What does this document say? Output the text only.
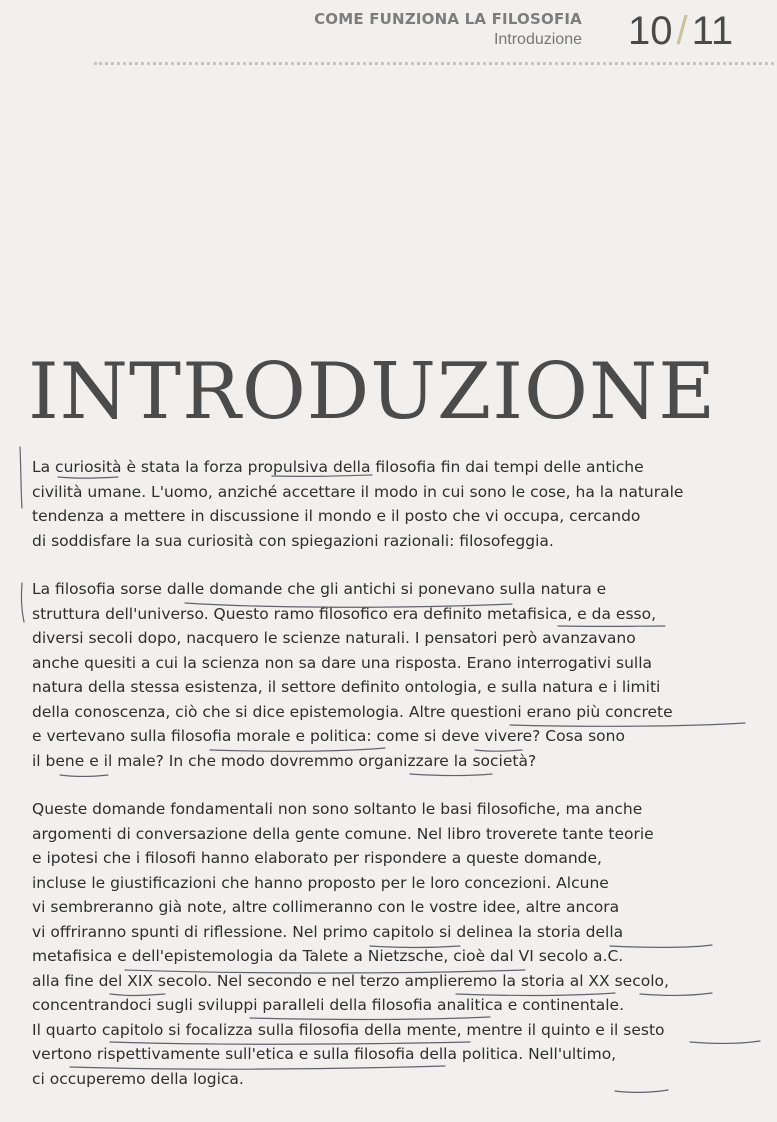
COME FUNZIONA LA FILOSOFIA
Introduzione 10 / 11
INTRODUZIONE

La curiosità è stata la forza propulsiva della filosofia fin dai tempi delle antiche
civilità umane. L'uomo, anziché accettare il modo in cui sono le cose, ha la naturale
tendenza a mettere in discussione il mondo e il posto che vi occupa, cercando
di soddisfare la sua curiosità con spiegazioni razionali: filosofeggia.

La filosofia sorse dalle domande che gli antichi si ponevano sulla natura e
struttura dell'universo. Questo ramo filosofico era definito metafisica, e da esso,
diversi secoli dopo, nacquero le scienze naturali. I pensatori però avanzavano
anche quesiti a cui la scienza non sa dare una risposta. Erano interrogativi sulla
natura della stessa esistenza, il settore definito ontologia, e sulla natura e i limiti
della conoscenza, ciò che si dice epistemologia. Altre questioni erano più concrete
e vertevano sulla filosofia morale e politica: come si deve vivere? Cosa sono
il bene e il male? In che modo dovremmo organizzare la società?

Queste domande fondamentali non sono soltanto le basi filosofiche, ma anche
argomenti di conversazione della gente comune. Nel libro troverete tante teorie
e ipotesi che i filosofi hanno elaborato per rispondere a queste domande,
incluse le giustificazioni che hanno proposto per le loro concezioni. Alcune
vi sembreranno già note, altre collimeranno con le vostre idee, altre ancora
vi offriranno spunti di riflessione. Nel primo capitolo si delinea la storia della
metafisica e dell'epistemologia da Talete a Nietzsche, cioè dal VI secolo a.C.
alla fine del XIX secolo. Nel secondo e nel terzo amplieremo la storia al XX secolo,
concentrandoci sugli sviluppi paralleli della filosofia analitica e continentale.
Il quarto capitolo si focalizza sulla filosofia della mente, mentre il quinto e il sesto
vertono rispettivamente sull'etica e sulla filosofia della politica. Nell'ultimo,
ci occuperemo della logica.
